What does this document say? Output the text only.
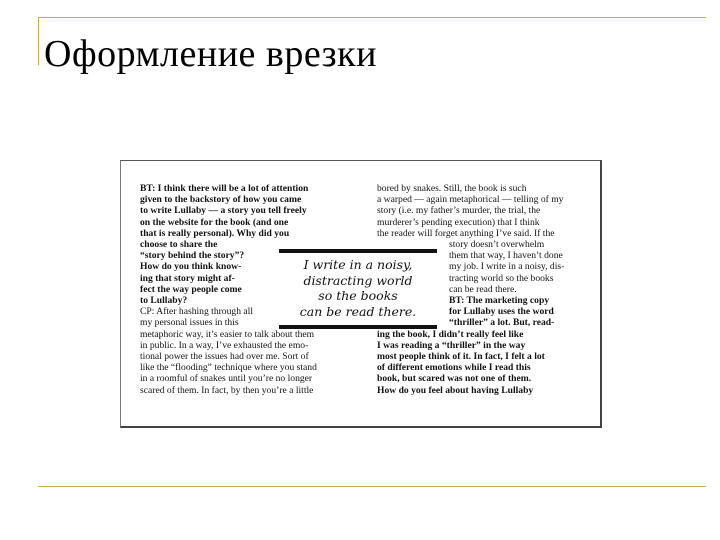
Оформление врезки

BT: I think there will be a lot of attention

given to the backstory of how you came

to write Lullaby — a story you tell freely

on the website for the book (and one

that is really personal). Why did you

choose to share the

“story behind the story”?

How do you think know-

ing that story might af-

fect the way people come

to Lullaby?

CP: After hashing through all

my personal issues in this

metaphoric way, it’s easier to talk about them

in public. In a way, I’ve exhausted the emo-

tional power the issues had over me. Sort of

like the “flooding” technique where you stand

in a roomful of snakes until you’re no longer

scared of them. In fact, by then you’re a little

bored by snakes. Still, the book is such

a warped — again metaphorical — telling of my

story (i.e. my father’s murder, the trial, the

murderer’s pending execution) that I think

the reader will forget anything I’ve said. If the

story doesn’t overwhelm

them that way, I haven’t done

my job. I write in a noisy, dis-

tracting world so the books

can be read there.

BT: The marketing copy

for Lullaby uses the word

“thriller” a lot. But, read-

ing the book, I didn’t really feel like

I was reading a “thriller” in the way

most people think of it. In fact, I felt a lot

of different emotions while I read this

book, but scared was not one of them.

How do you feel about having Lullaby

I write in a noisy,
distracting world
so the books
can be read there.
